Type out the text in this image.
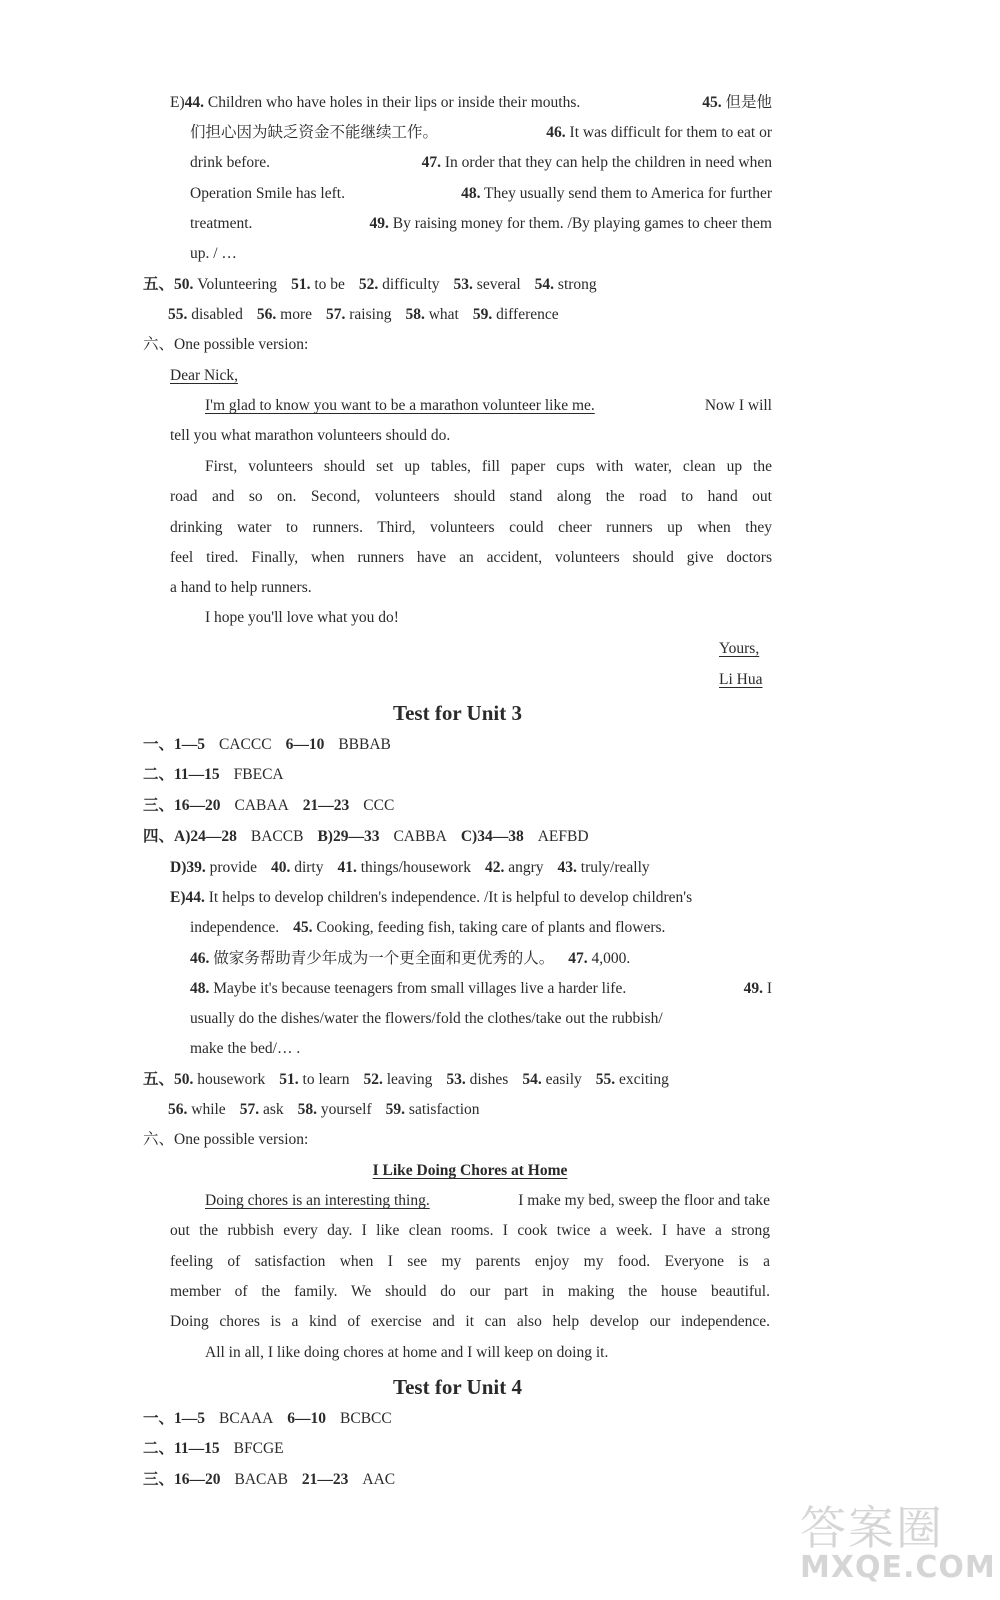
E)44. Children who have holes in their lips or inside their mouths.	45. 但是他
们担心因为缺乏资金不能继续工作。	46. It was difficult for them to eat or
drink before.	47. In order that they can help the children in need when
Operation Smile has left.	48. They usually send them to America for further
treatment.	49. By raising money for them. /By playing games to cheer them
up. / …
五、50. Volunteering 51. to be 52. difficulty 53. several 54. strong
55. disabled 56. more 57. raising 58. what 59. difference
六、One possible version:
Dear Nick,
I'm glad to know you want to be a marathon volunteer like me.	Now I will
tell you what marathon volunteers should do.
First, volunteers should set up tables, fill paper cups with water, clean up the
road and so on. Second, volunteers should stand along the road to hand out
drinking water to runners. Third, volunteers could cheer runners up when they
feel tired. Finally, when runners have an accident, volunteers should give doctors
a hand to help runners.
I hope you'll love what you do!
Yours,
Li Hua
Test for Unit 3
一、1—5 CACCC 6—10 BBBAB
二、11—15 FBECA
三、16—20 CABAA 21—23 CCC
四、A)24—28 BACCB B)29—33 CABBA C)34—38 AEFBD
D)39. provide 40. dirty 41. things/housework 42. angry 43. truly/really
E)44. It helps to develop children's independence. /It is helpful to develop children's
independence. 45. Cooking, feeding fish, taking care of plants and flowers.
46. 做家务帮助青少年成为一个更全面和更优秀的人。 47. 4,000.
48. Maybe it's because teenagers from small villages live a harder life.	49. I
usually do the dishes/water the flowers/fold the clothes/take out the rubbish/
make the bed/… .
五、50. housework 51. to learn 52. leaving 53. dishes 54. easily 55. exciting
56. while 57. ask 58. yourself 59. satisfaction
六、One possible version:
I Like Doing Chores at Home
Doing chores is an interesting thing.	I make my bed, sweep the floor and take
out the rubbish every day. I like clean rooms. I cook twice a week. I have a strong
feeling of satisfaction when I see my parents enjoy my food. Everyone is a
member of the family. We should do our part in making the house beautiful.
Doing chores is a kind of exercise and it can also help develop our independence.
All in all, I like doing chores at home and I will keep on doing it.
Test for Unit 4
一、1—5 BCAAA 6—10 BCBCC
二、11—15 BFCGE
三、16—20 BACAB 21—23 AAC
答案圈
MXQE.COM
